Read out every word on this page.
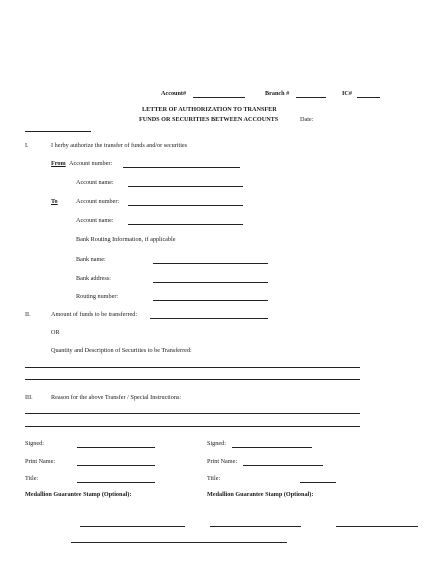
Account#	Branch #	IC#
LETTER OF AUTHORIZATION TO TRANSFER
FUNDS OR SECURITIES BETWEEN ACCOUNTS	Date:
I.	I herby authorize the transfer of funds and/or securities
From Account number:
Account name:
To	Account number:
Account name:
Bank Routing Information, if applicable
Bank name:
Bank address:
Routing number:
II.	Amount of funds to be transferred:
OR
Quantity and Description of Securities to be Transferred:
III.	Reason for the above Transfer / Special Instructions:
Signed:
Print Name:
Title:
Medallion Guarantee Stamp (Optional):
Signed:
Print Name:
Title:
Medallion Guarantee Stamp (Optional):
